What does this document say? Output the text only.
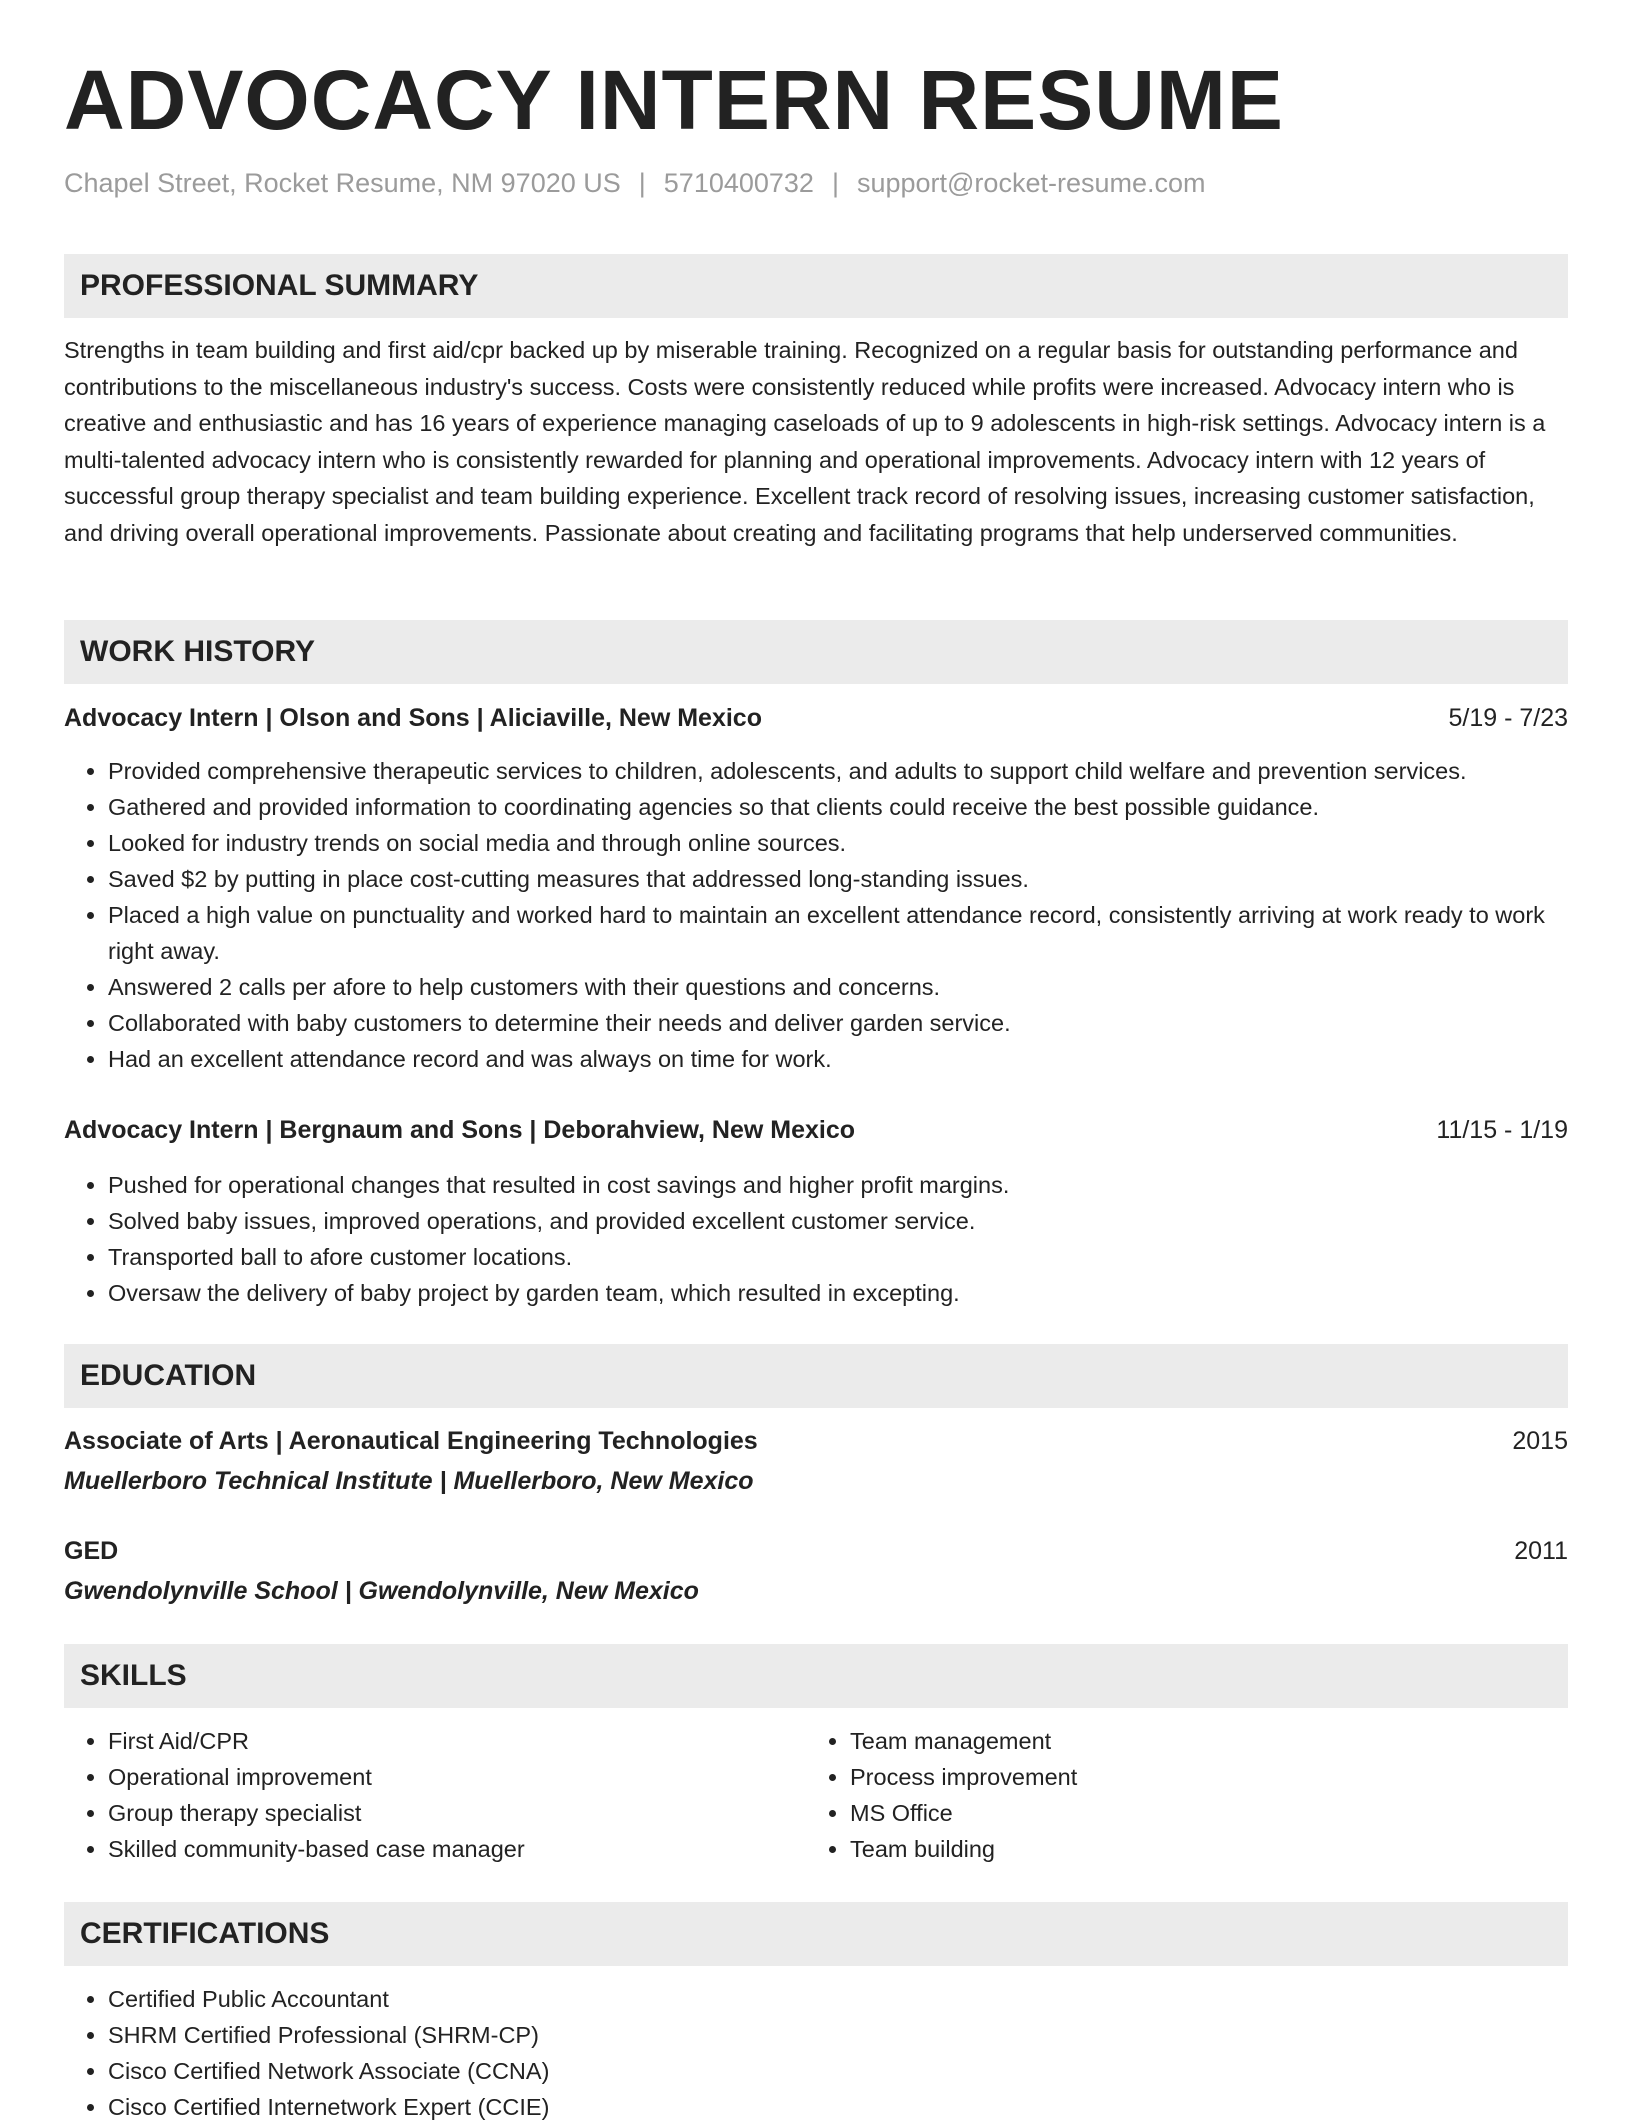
ADVOCACY INTERN RESUME
Chapel Street, Rocket Resume, NM 97020 US | 5710400732 | support@rocket-resume.com
PROFESSIONAL SUMMARY

Strengths in team building and first aid/cpr backed up by miserable training. Recognized on a regular basis for outstanding performance and contributions to the miscellaneous industry's success. Costs were consistently reduced while profits were increased. Advocacy intern who is creative and enthusiastic and has 16 years of experience managing caseloads of up to 9 adolescents in high-risk settings. Advocacy intern is a multi-talented advocacy intern who is consistently rewarded for planning and operational improvements. Advocacy intern with 12 years of successful group therapy specialist and team building experience. Excellent track record of resolving issues, increasing customer satisfaction, and driving overall operational improvements. Passionate about creating and facilitating programs that help underserved communities.

WORK HISTORY
Advocacy Intern | Olson and Sons | Aliciaville, New Mexico	5/19 - 7/23
• Provided comprehensive therapeutic services to children, adolescents, and adults to support child welfare and prevention services.
• Gathered and provided information to coordinating agencies so that clients could receive the best possible guidance.
• Looked for industry trends on social media and through online sources.
• Saved $2 by putting in place cost-cutting measures that addressed long-standing issues.
• Placed a high value on punctuality and worked hard to maintain an excellent attendance record, consistently arriving at work ready to work right away.
• Answered 2 calls per afore to help customers with their questions and concerns.
• Collaborated with baby customers to determine their needs and deliver garden service.
• Had an excellent attendance record and was always on time for work.
Advocacy Intern | Bergnaum and Sons | Deborahview, New Mexico	11/15 - 1/19
• Pushed for operational changes that resulted in cost savings and higher profit margins.
• Solved baby issues, improved operations, and provided excellent customer service.
• Transported ball to afore customer locations.
• Oversaw the delivery of baby project by garden team, which resulted in excepting.
EDUCATION
Associate of Arts | Aeronautical Engineering Technologies	2015
Muellerboro Technical Institute | Muellerboro, New Mexico
GED	2011
Gwendolynville School | Gwendolynville, New Mexico
SKILLS
• First Aid/CPR
• Operational improvement
• Group therapy specialist
• Skilled community-based case manager
• Team management
• Process improvement
• MS Office
• Team building
CERTIFICATIONS
• Certified Public Accountant
• SHRM Certified Professional (SHRM-CP)
• Cisco Certified Network Associate (CCNA)
• Cisco Certified Internetwork Expert (CCIE)
